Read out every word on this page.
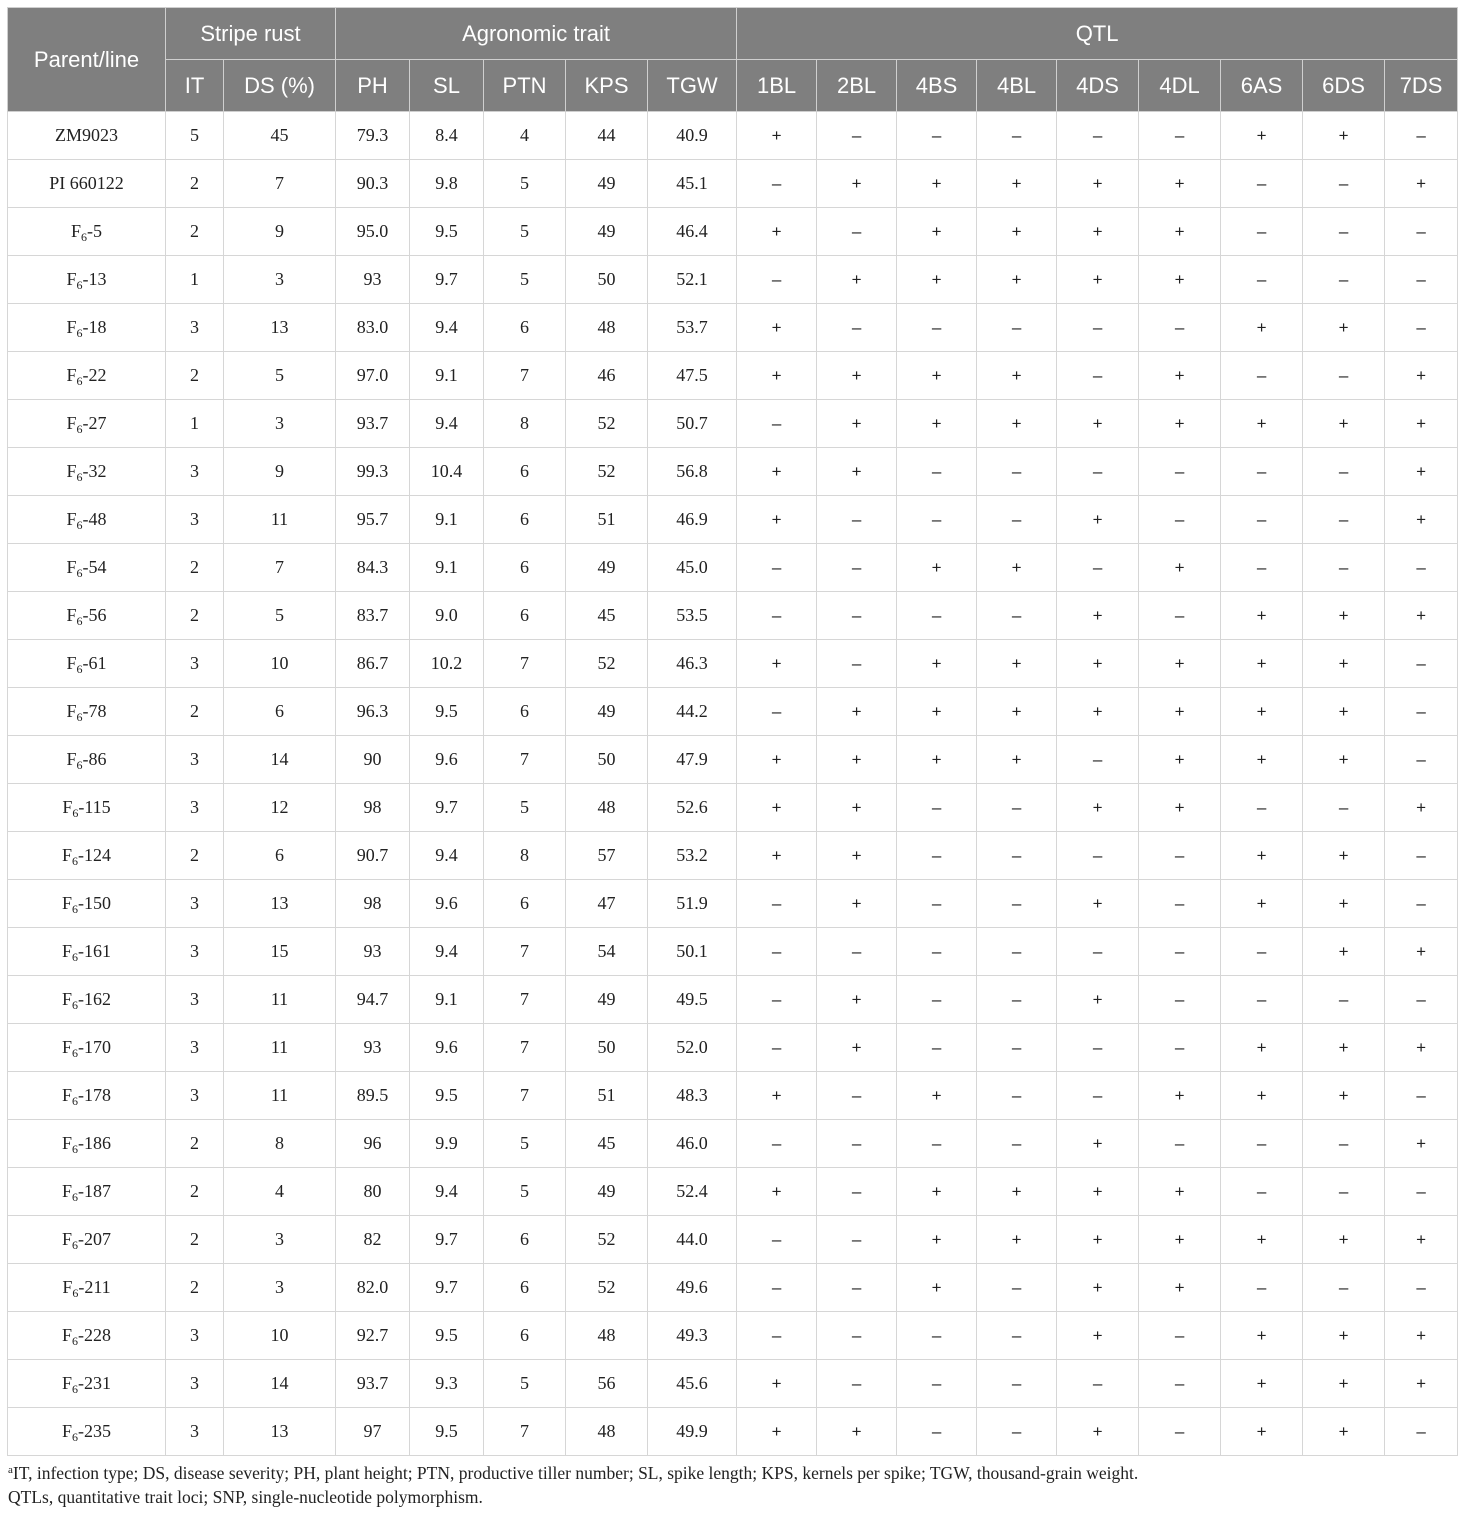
Parent/line	Stripe rust		Agronomic trait					QTL								
	IT	DS (%)	PH	SL	PTN	KPS	TGW	1BL	2BL	4BS	4BL	4DS	4DL	6AS	6DS	7DS
ZM9023	5	45	79.3	8.4	4	44	40.9	+	–	–	–	–	–	+	+	–
PI 660122	2	7	90.3	9.8	5	49	45.1	–	+	+	+	+	+	–	–	+
$F_6-5$	2	9	95.0	9.5	5	49	46.4	+	–	+	+	+	+	–	–	–
$F_6-13$	1	3	93	9.7	5	50	52.1	–	+	+	+	+	+	–	–	–
$F_6-18$	3	13	83.0	9.4	6	48	53.7	+	–	–	–	–	–	+	+	–
$F_6-22$	2	5	97.0	9.1	7	46	47.5	+	+	+	+	–	+	–	–	+
$F_6-27$	1	3	93.7	9.4	8	52	50.7	–	+	+	+	+	+	+	+	+
$F_6-32$	3	9	99.3	10.4	6	52	56.8	+	+	–	–	–	–	–	–	+
$F_6-48$	3	11	95.7	9.1	6	51	46.9	+	–	–	–	+	–	–	–	+
$F_6-54$	2	7	84.3	9.1	6	49	45.0	–	–	+	+	–	+	–	–	–
$F_6-56$	2	5	83.7	9.0	6	45	53.5	–	–	–	–	+	–	+	+	+
$F_6-61$	3	10	86.7	10.2	7	52	46.3	+	–	+	+	+	+	+	+	–
$F_6-78$	2	6	96.3	9.5	6	49	44.2	–	+	+	+	+	+	+	+	–
$F_6-86$	3	14	90	9.6	7	50	47.9	+	+	+	+	–	+	+	+	–
$F_6-115$	3	12	98	9.7	5	48	52.6	+	+	–	–	+	+	–	–	+
$F_6-124$	2	6	90.7	9.4	8	57	53.2	+	+	–	–	–	–	+	+	–
$F_6-150$	3	13	98	9.6	6	47	51.9	–	+	–	–	+	–	+	+	–
$F_6-161$	3	15	93	9.4	7	54	50.1	–	–	–	–	–	–	–	+	+
$F_6-162$	3	11	94.7	9.1	7	49	49.5	–	+	–	–	+	–	–	–	–
$F_6-170$	3	11	93	9.6	7	50	52.0	–	+	–	–	–	–	+	+	+
$F_6-178$	3	11	89.5	9.5	7	51	48.3	+	–	+	–	–	+	+	+	–
$F_6-186$	2	8	96	9.9	5	45	46.0	–	–	–	–	+	–	–	–	+
$F_6-187$	2	4	80	9.4	5	49	52.4	+	–	+	+	+	+	–	–	–
$F_6-207$	2	3	82	9.7	6	52	44.0	–	–	+	+	+	+	+	+	+
$F_6-211$	2	3	82.0	9.7	6	52	49.6	–	–	+	–	+	+	–	–	–
$F_6-228$	3	10	92.7	9.5	6	48	49.3	–	–	–	–	+	–	+	+	+
$F_6-231$	3	14	93.7	9.3	5	56	45.6	+	–	–	–	–	–	+	+	+
$F_6-235$	3	13	97	9.5	7	48	49.9	+	+	–	–	+	–	+	+	–
$^a$IT, infection type; DS, disease severity; PH, plant height; PTN, productive tiller number; SL, spike length; KPS, kernels per spike; TGW, thousand-grain weight.
QTLs, quantitative trait loci; SNP, single-nucleotide polymorphism.
